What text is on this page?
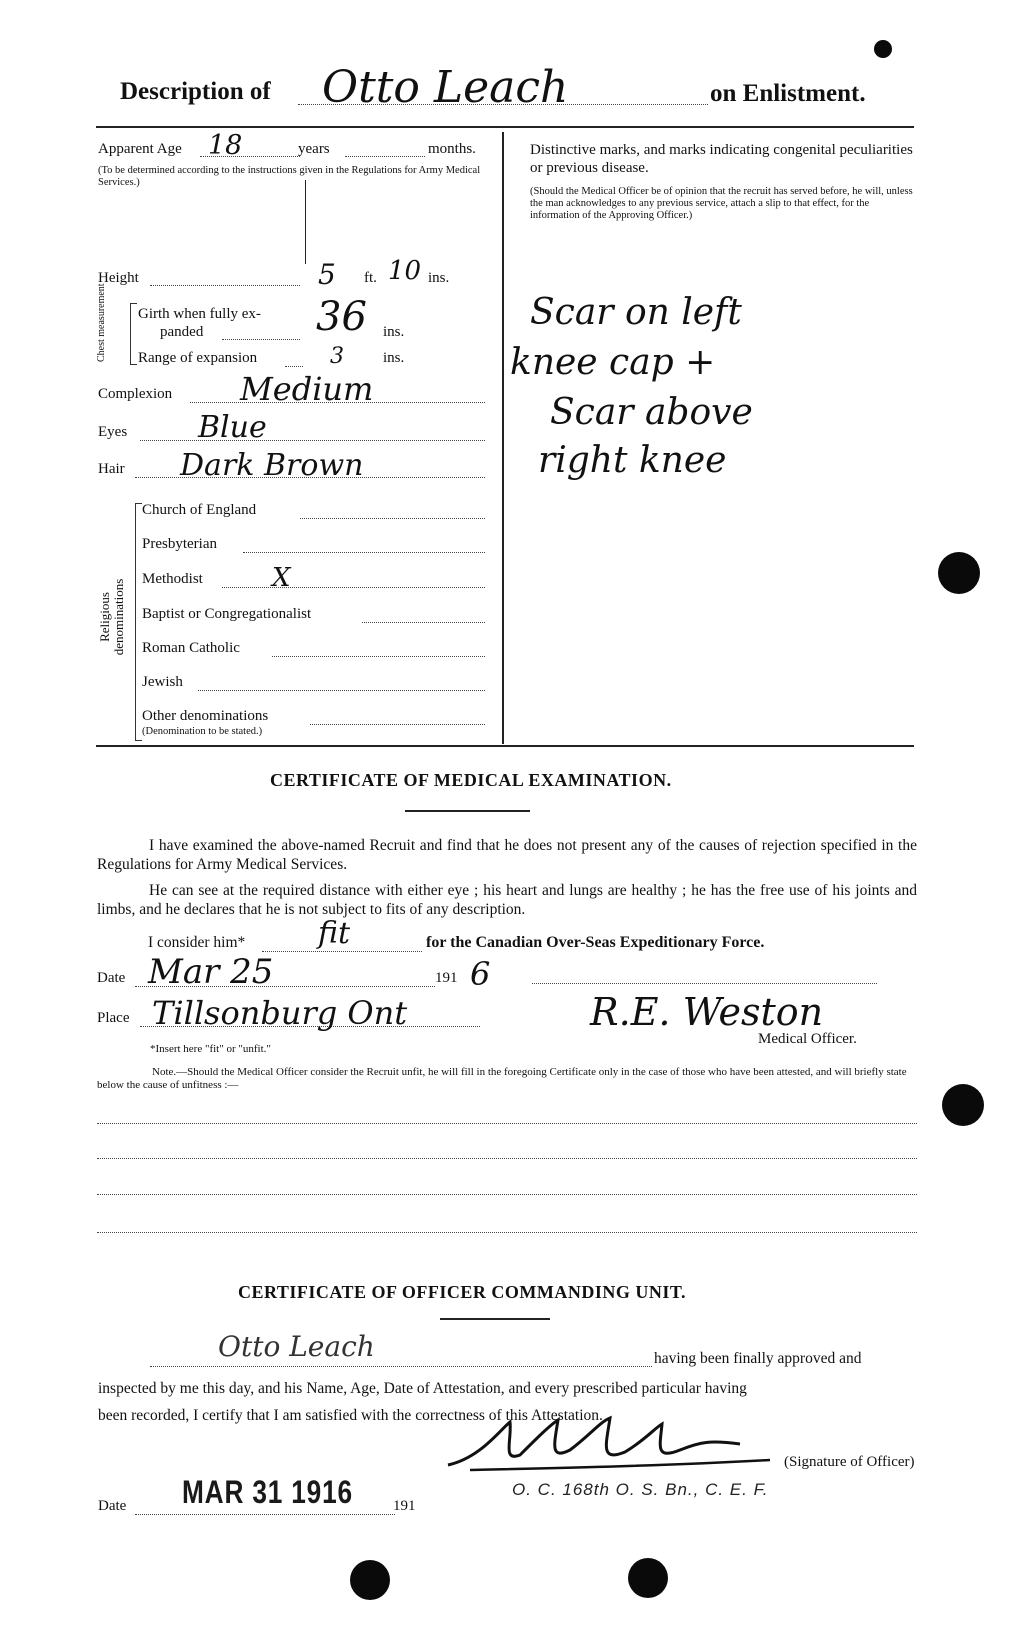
Description of Otto Leach	on Enlistment.
Apparent Age 18	years	months.
(To be determined according to the instructions given in the Regulations for Army Medical Services.)
Height	5 ft. 10 ins.
Chest measurement Girth when fully ex-
panded	36 ins.
Range of expansion	3	ins.
Complexion Medium
Eyes Blue
Hair Dark Brown
Religious denominations
Church of England
Presbyterian
Methodist	X
Baptist or Congregationalist
Roman Catholic
Jewish
Other denominations
(Denomination to be stated.)
Distinctive marks, and marks indicating congenital peculiarities or previous disease.
(Should the Medical Officer be of opinion that the recruit has served before, he will, unless the man acknowledges to any previous service, attach a slip to that effect, for the information of the Approving Officer.)
Scar on left
knee cap +
Scar above
right knee
CERTIFICATE OF MEDICAL EXAMINATION.
I have examined the above-named Recruit and find that he does not present any of the causes of rejection specified in the Regulations for Army Medical Services.
He can see at the required distance with either eye ; his heart and lungs are healthy ; he has the free use of his joints and limbs, and he declares that he is not subject to fits of any description.
I consider him* fit	for the Canadian Over-Seas Expeditionary Force.
Date Mar 25	191 6
Place Tillsonburg Ont	R.E. Weston
Medical Officer.
*Insert here "fit" or "unfit."
Note.—Should the Medical Officer consider the Recruit unfit, he will fill in the foregoing Certificate only in the case of those who have been attested, and will briefly state below the cause of unfitness :—
CERTIFICATE OF OFFICER COMMANDING UNIT.
Otto Leach	having been finally approved and
inspected by me this day, and his Name, Age, Date of Attestation, and every prescribed particular having
been recorded, I certify that I am satisfied with the correctness of this Attestation.
(Signature of Officer)
O. C. 168th O. S. Bn., C. E. F.
Date MAR 31 1916	191
